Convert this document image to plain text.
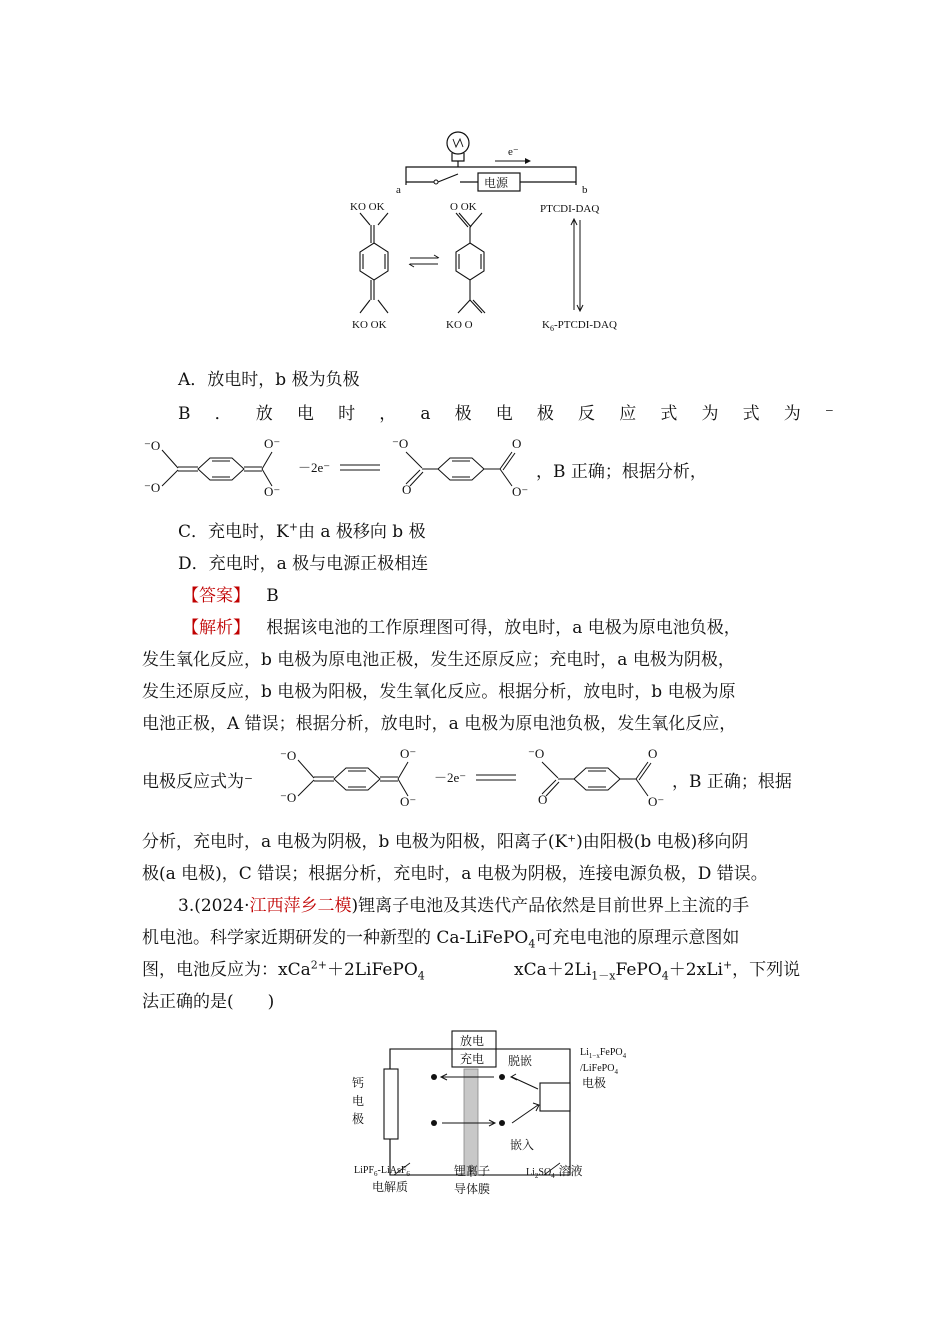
e⁻
电源
a	b
KO OK
KO OK
O OK
KO O
PTCDI-DAQ
$K_6-PTCDI$-DAQ
A．放电时，b 极为负极
B ． 放 电 时 ， a 极 电 极 反 应 式 为 式 为 ⁻
⁻O
⁻O
O⁻
O⁻
－2e⁻
⁻O
O
O
O⁻
，B 正确；根据分析，
C．充电时，K+由 a 极移向 b 极
D．充电时，a 极与电源正极相连
【答案】 B
【解析】 根据该电池的工作原理图可得，放电时，a 电极为原电池负极，
发生氧化反应，b 电极为原电池正极，发生还原反应；充电时，a 电极为阴极，
发生还原反应，b 电极为阳极，发生氧化反应。根据分析，放电时，b 电极为原
电池正极，A 错误；根据分析，放电时，a 电极为原电池负极，发生氧化反应，
电极反应式为⁻
⁻O
⁻O
O⁻
O⁻
－2e⁻
⁻O
O
O
O⁻
，B 正确；根据
分析，充电时，a 电极为阴极，b 电极为阳极，阳离子(K⁺)由阳极(b 电极)移向阴
极(a 电极)，C 错误；根据分析，充电时，a 电极为阴极，连接电源负极，D 错误。
3.(2024·江西萍乡二模)锂离子电池及其迭代产品依然是目前世界上主流的手
机电池。科学家近期研发的一种新型的 Ca-LiFePO$_4$可充电电池的原理示意图如
图，电池反应为：xCa$^{2+}$＋2LiFePO$_4$	$xCa+2Li_{1-x}FePO_4+2xLi^+$，下列说
法正确的是(　　)
放电
充电 脱嵌
嵌入
钙电极
$Li_{1-x}FePO_4$
/LiFePO$_4$
电极
LiPF$_6$-LiAsF$_6$
电解质
锂离子
导体膜
$Li_2SO_4$ 溶液
